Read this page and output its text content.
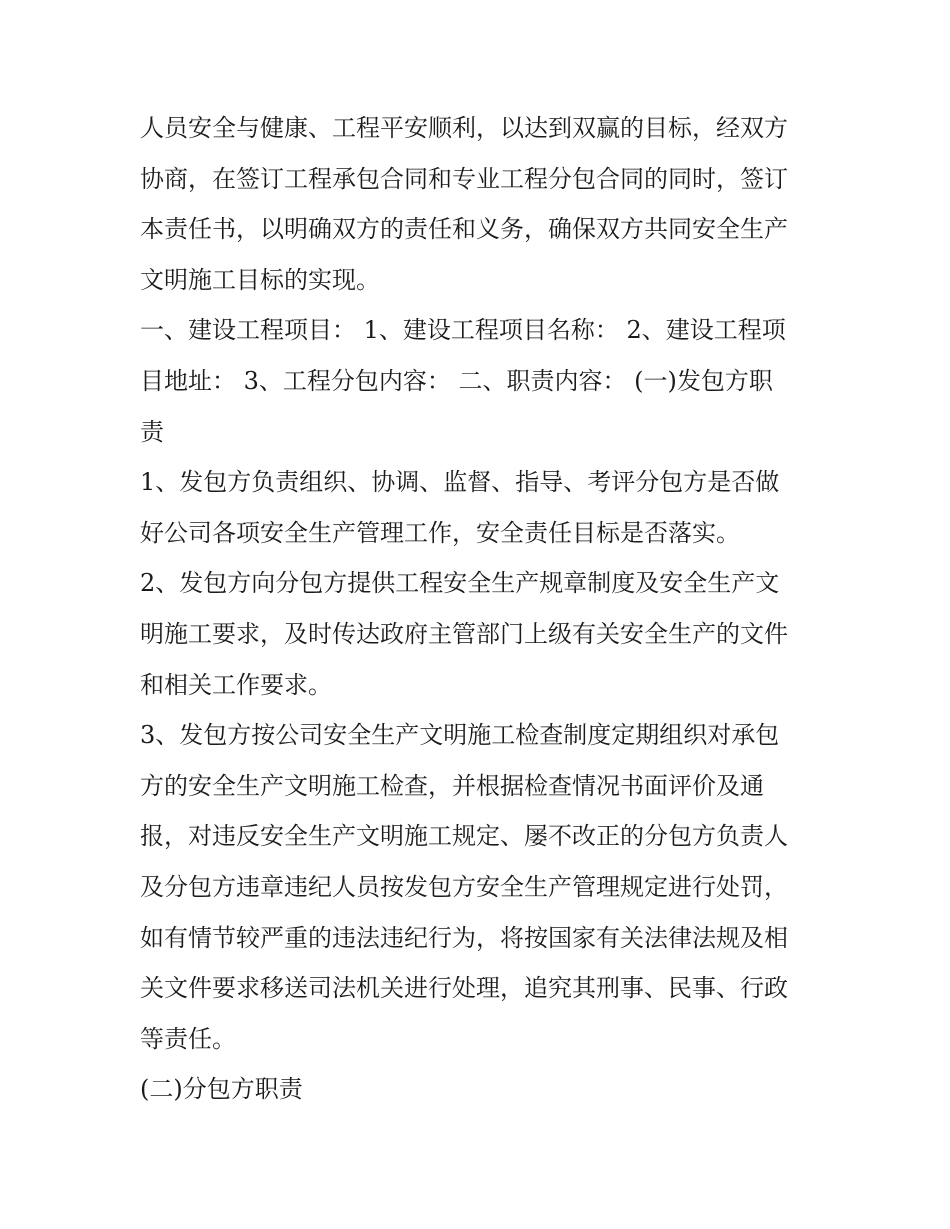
人员安全与健康、工程平安顺利，以达到双赢的目标，经双方
协商，在签订工程承包合同和专业工程分包合同的同时，签订
本责任书，以明确双方的责任和义务，确保双方共同安全生产
文明施工目标的实现。
一、建设工程项目： 1、建设工程项目名称： 2、建设工程项
目地址： 3、工程分包内容： 二、职责内容： (一)发包方职
责
1、发包方负责组织、协调、监督、指导、考评分包方是否做
好公司各项安全生产管理工作，安全责任目标是否落实。
2、发包方向分包方提供工程安全生产规章制度及安全生产文
明施工要求，及时传达政府主管部门上级有关安全生产的文件
和相关工作要求。
3、发包方按公司安全生产文明施工检查制度定期组织对承包
方的安全生产文明施工检查，并根据检查情况书面评价及通
报，对违反安全生产文明施工规定、屡不改正的分包方负责人
及分包方违章违纪人员按发包方安全生产管理规定进行处罚，
如有情节较严重的违法违纪行为，将按国家有关法律法规及相
关文件要求移送司法机关进行处理，追究其刑事、民事、行政
等责任。
(二)分包方职责
